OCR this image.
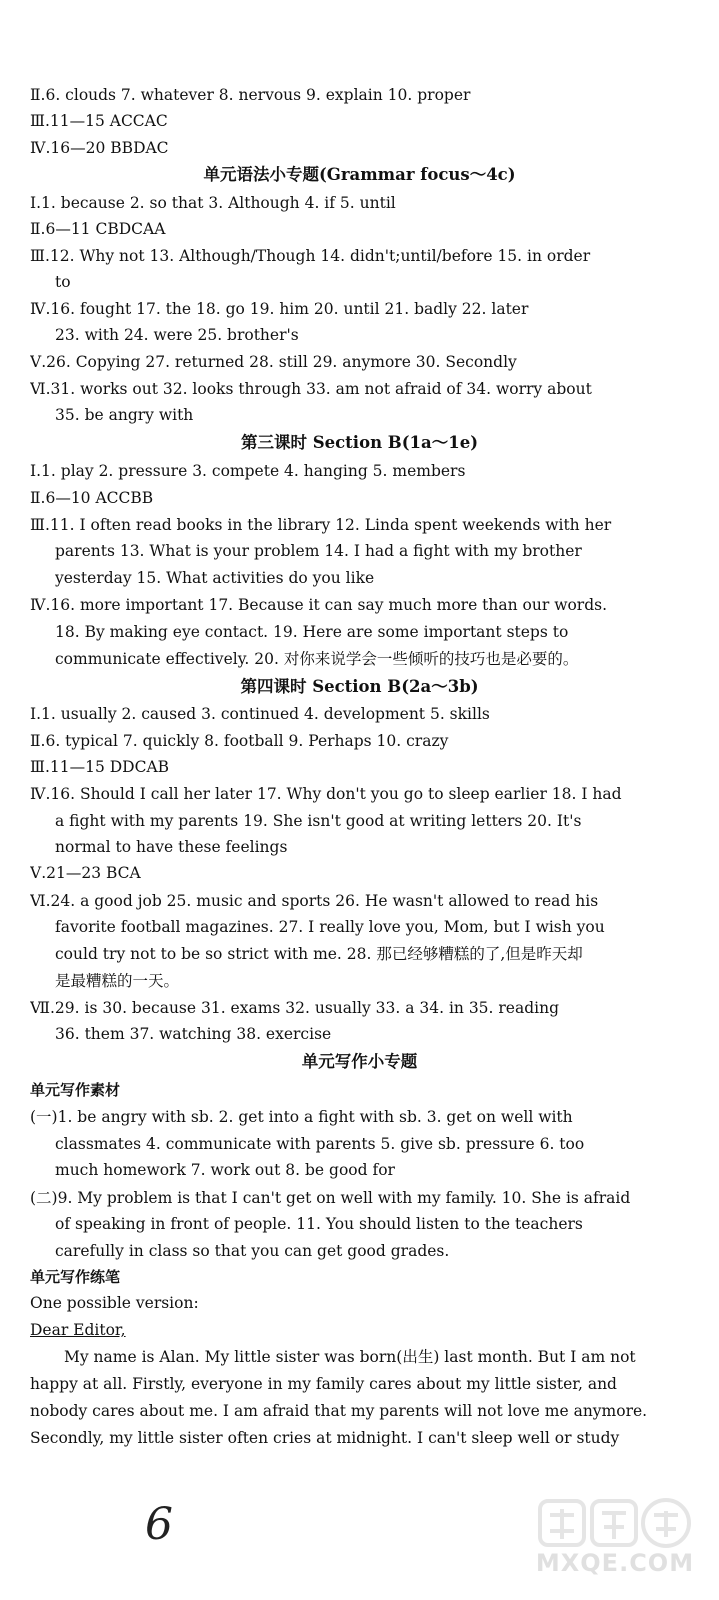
Ⅱ.6. clouds 7. whatever 8. nervous 9. explain 10. proper
Ⅲ.11—15 ACCAC
Ⅳ.16—20 BBDAC
单元语法小专题(Grammar focus～4c)
Ⅰ.1. because 2. so that 3. Although 4. if 5. until
Ⅱ.6—11 CBDCAA
Ⅲ.12. Why not 13. Although/Though 14. didn't;until/before 15. in order
to
Ⅳ.16. fought 17. the 18. go 19. him 20. until 21. badly 22. later
23. with 24. were 25. brother's
Ⅴ.26. Copying 27. returned 28. still 29. anymore 30. Secondly
Ⅵ.31. works out 32. looks through 33. am not afraid of 34. worry about
35. be angry with
第三课时 Section B(1a～1e)
Ⅰ.1. play 2. pressure 3. compete 4. hanging 5. members
Ⅱ.6—10 ACCBB
Ⅲ.11. I often read books in the library 12. Linda spent weekends with her
parents 13. What is your problem 14. I had a fight with my brother
yesterday 15. What activities do you like
Ⅳ.16. more important 17. Because it can say much more than our words.
18. By making eye contact. 19. Here are some important steps to
communicate effectively. 20. 对你来说学会一些倾听的技巧也是必要的。
第四课时 Section B(2a～3b)
Ⅰ.1. usually 2. caused 3. continued 4. development 5. skills
Ⅱ.6. typical 7. quickly 8. football 9. Perhaps 10. crazy
Ⅲ.11—15 DDCAB
Ⅳ.16. Should I call her later 17. Why don't you go to sleep earlier 18. I had
a fight with my parents 19. She isn't good at writing letters 20. It's
normal to have these feelings
Ⅴ.21—23 BCA
Ⅵ.24. a good job 25. music and sports 26. He wasn't allowed to read his
favorite football magazines. 27. I really love you, Mom, but I wish you
could try not to be so strict with me. 28. 那已经够糟糕的了,但是昨天却
是最糟糕的一天。
Ⅶ.29. is 30. because 31. exams 32. usually 33. a 34. in 35. reading
36. them 37. watching 38. exercise
单元写作小专题
单元写作素材
(一)1. be angry with sb. 2. get into a fight with sb. 3. get on well with
classmates 4. communicate with parents 5. give sb. pressure 6. too
much homework 7. work out 8. be good for
(二)9. My problem is that I can't get on well with my family. 10. She is afraid
of speaking in front of people. 11. You should listen to the teachers
carefully in class so that you can get good grades.
单元写作练笔
One possible version:
Dear Editor,
My name is Alan. My little sister was born(出生) last month. But I am not
happy at all. Firstly, everyone in my family cares about my little sister, and
nobody cares about me. I am afraid that my parents will not love me anymore.
Secondly, my little sister often cries at midnight. I can't sleep well or study
6
MXQE.COM
